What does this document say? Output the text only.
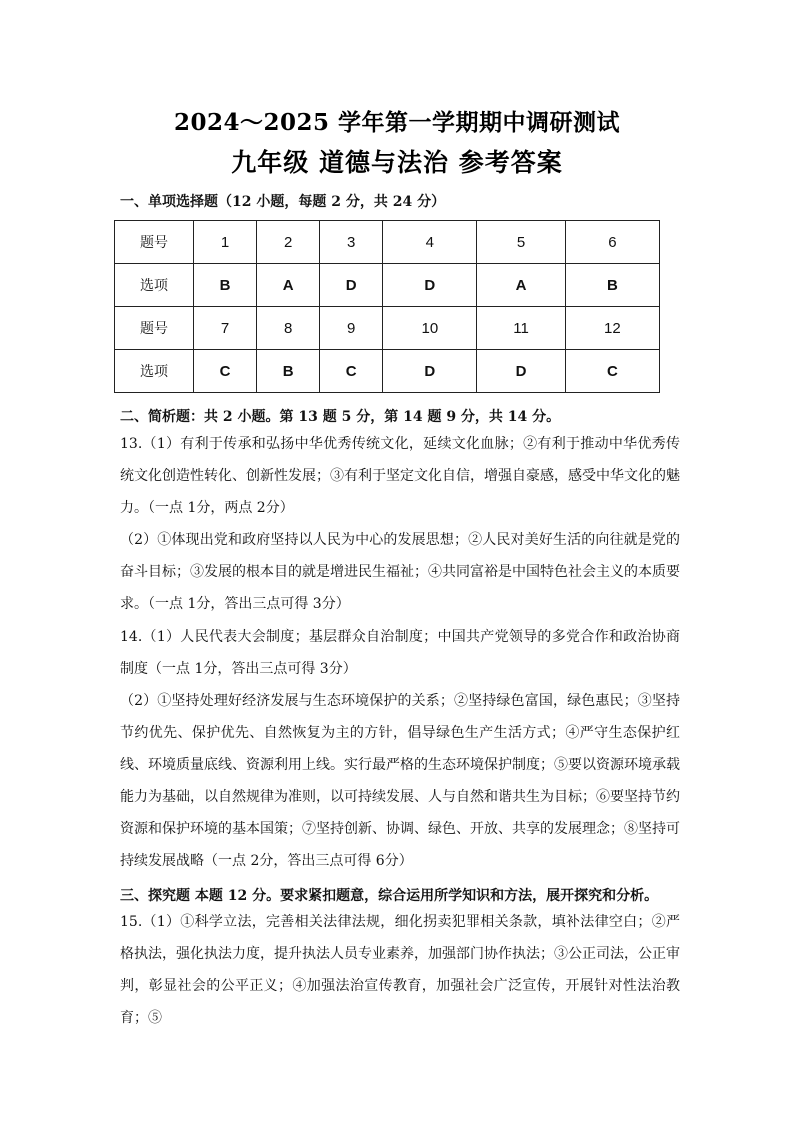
2024～2025 学年第一学期期中调研测试
九年级 道德与法治 参考答案
一、单项选择题（12 小题，每题 2 分，共 24 分）
题号	1	2	3	4	5	6
选项	B	A	D	D	A	B
题号	7	8	9	10	11	12
选项	C	B	C	D	D	C
二、简析题：共 2 小题。第 13 题 5 分，第 14 题 9 分，共 14 分。
13.（1）有利于传承和弘扬中华优秀传统文化，延续文化血脉；②有利于推动中华优秀传统文化创造性转化、创新性发展；③有利于坚定文化自信，增强自豪感，感受中华文化的魅力。（一点 1分，两点 2分）
（2）①体现出党和政府坚持以人民为中心的发展思想；②人民对美好生活的向往就是党的奋斗目标；③发展的根本目的就是增进民生福祉；④共同富裕是中国特色社会主义的本质要求。（一点 1分，答出三点可得 3分）
14.（1）人民代表大会制度；基层群众自治制度；中国共产党领导的多党合作和政治协商制度（一点 1分，答出三点可得 3分）
（2）①坚持处理好经济发展与生态环境保护的关系；②坚持绿色富国，绿色惠民；③坚持节约优先、保护优先、自然恢复为主的方针，倡导绿色生产生活方式；④严守生态保护红线、环境质量底线、资源利用上线。实行最严格的生态环境保护制度；⑤要以资源环境承载能力为基础，以自然规律为准则，以可持续发展、人与自然和谐共生为目标；⑥要坚持节约资源和保护环境的基本国策；⑦坚持创新、协调、绿色、开放、共享的发展理念；⑧坚持可持续发展战略（一点 2分，答出三点可得 6分）
三、探究题 本题 12 分。要求紧扣题意，综合运用所学知识和方法，展开探究和分析。
15.（1）①科学立法，完善相关法律法规，细化拐卖犯罪相关条款，填补法律空白；②严格执法，强化执法力度，提升执法人员专业素养，加强部门协作执法；③公正司法，公正审判，彰显社会的公平正义；④加强法治宣传教育，加强社会广泛宣传，开展针对性法治教育；⑤
